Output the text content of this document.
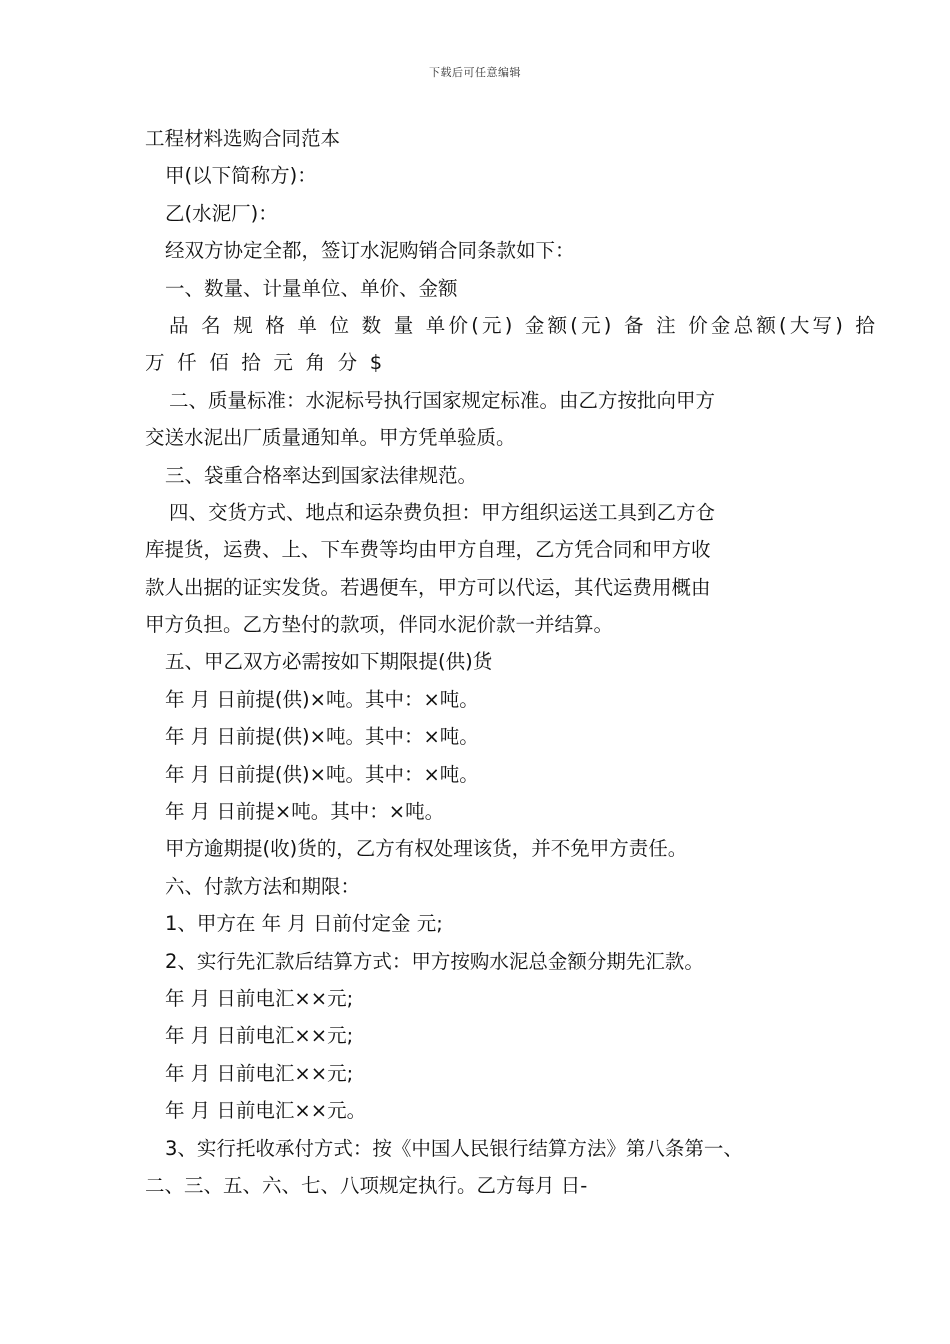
下载后可任意编辑
工程材料选购合同范本
甲(以下简称方)：
乙(水泥厂)：
经双方协定全都，签订水泥购销合同条款如下：
一、数量、计量单位、单价、金额
品 名 规 格 单 位 数 量 单价(元) 金额(元) 备 注 价金总额(大写) 拾
万 仟 佰 拾 元 角 分 $
二、质量标准：水泥标号执行国家规定标准。由乙方按批向甲方
交送水泥出厂质量通知单。甲方凭单验质。
三、袋重合格率达到国家法律规范。
四、交货方式、地点和运杂费负担：甲方组织运送工具到乙方仓
库提货，运费、上、下车费等均由甲方自理，乙方凭合同和甲方收
款人出据的证实发货。若遇便车，甲方可以代运，其代运费用概由
甲方负担。乙方垫付的款项，伴同水泥价款一并结算。
五、甲乙双方必需按如下期限提(供)货
年 月 日前提(供)×吨。其中：×吨。
年 月 日前提(供)×吨。其中：×吨。
年 月 日前提(供)×吨。其中：×吨。
年 月 日前提×吨。其中：×吨。
甲方逾期提(收)货的，乙方有权处理该货，并不免甲方责任。
六、付款方法和期限：
1、甲方在 年 月 日前付定金 元;
2、实行先汇款后结算方式：甲方按购水泥总金额分期先汇款。
年 月 日前电汇××元;
年 月 日前电汇××元;
年 月 日前电汇××元;
年 月 日前电汇××元。
3、实行托收承付方式：按《中国人民银行结算方法》第八条第一、
二、三、五、六、七、八项规定执行。乙方每月 日-
